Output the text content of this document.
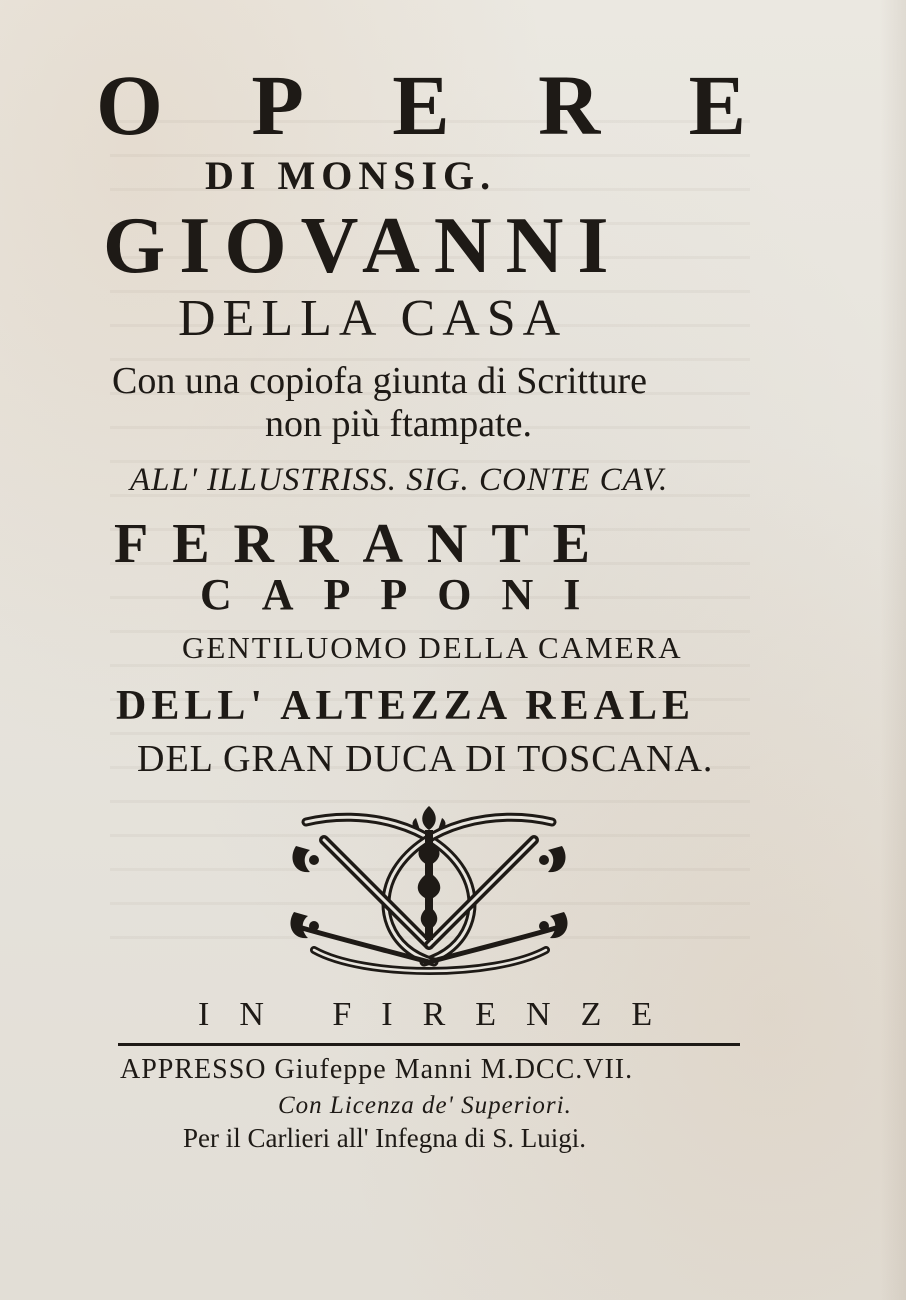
O P E R E
DI MONSIG.
GIOVANNI
DELLA CASA
Con una copiofa giunta di Scritture
non più ftampate.
ALL' ILLUSTRISS. SIG. CONTE CAV.
FERRANTE
CAPPONI
GENTILUOMO DELLA CAMERA
DELL' ALTEZZA REALE
DEL GRAN DUCA DI TOSCANA.
IN FIRENZE
APPRESSO Giufeppe Manni M.DCC.VII.
Con Licenza de' Superiori.
Per il Carlieri all' Infegna di S. Luigi.
